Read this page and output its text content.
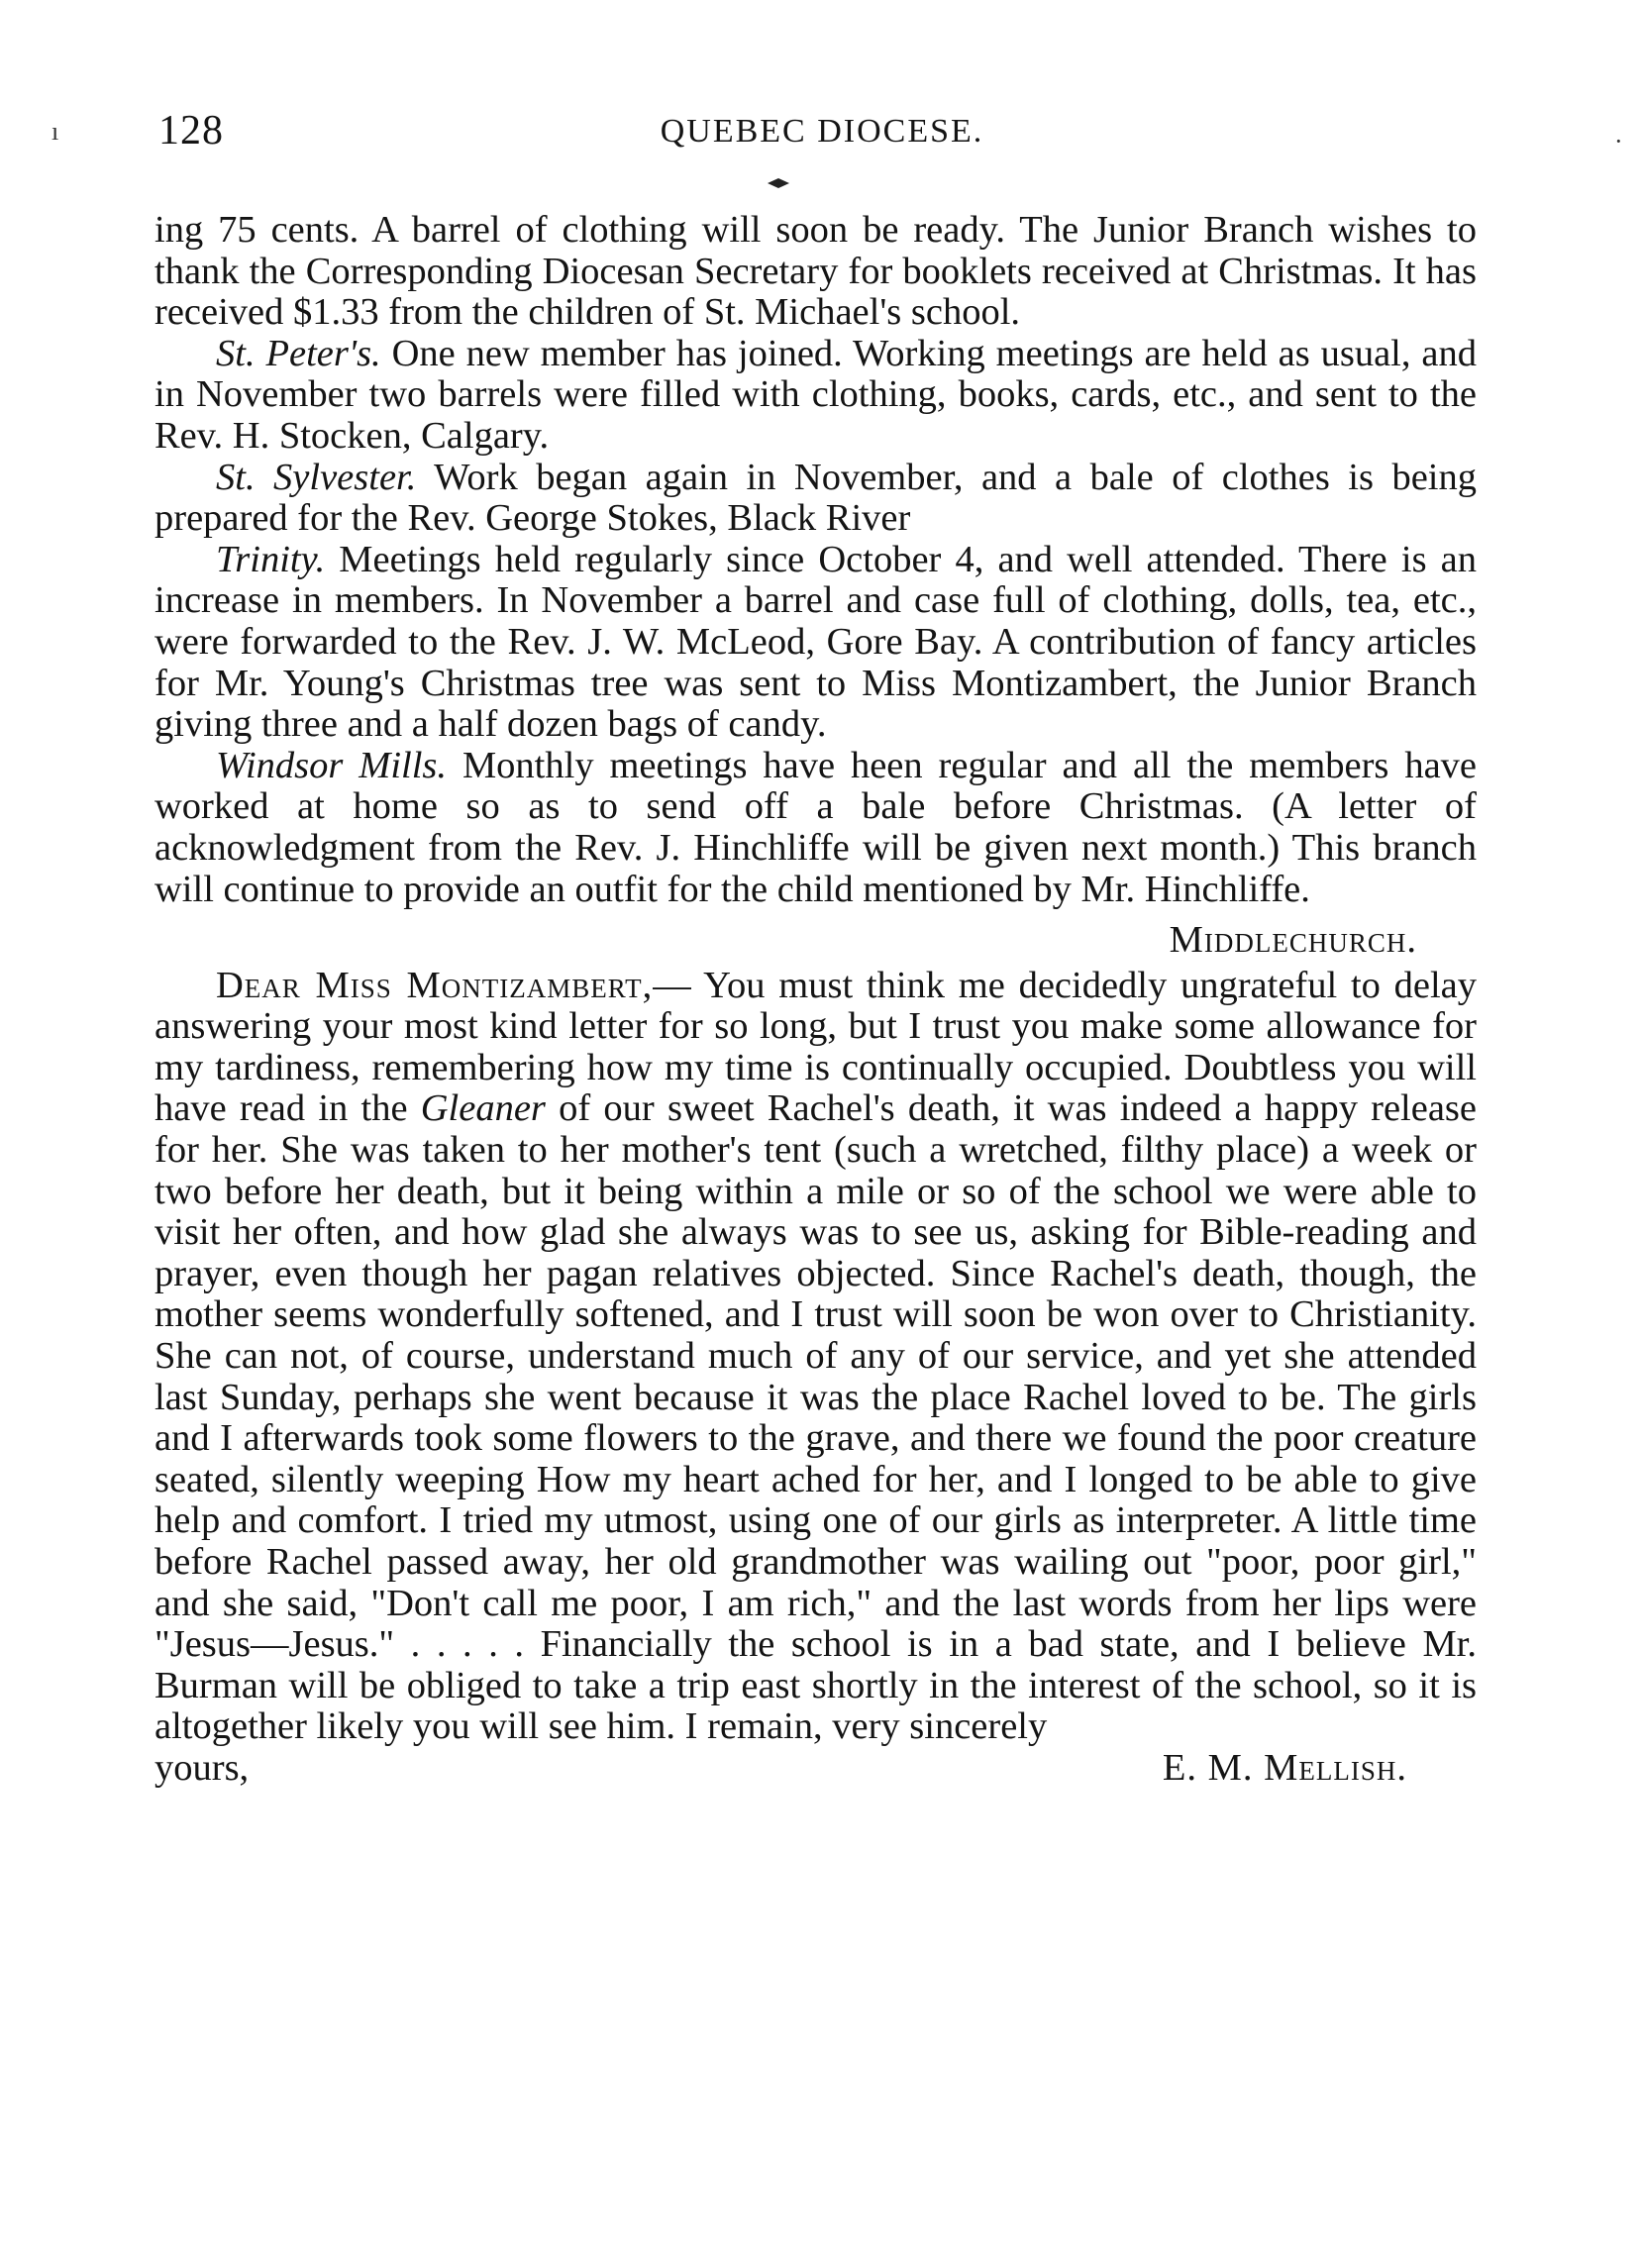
128	QUEBEC DIOCESE.
ı	·

ing 75 cents. A barrel of clothing will soon be ready. The Junior Branch wishes to thank the Corresponding Diocesan Secretary for booklets received at Christmas. It has received $1.33 from the children of St. Michael's school.

St. Peter's. One new member has joined. Working meetings are held as usual, and in November two barrels were filled with clothing, books, cards, etc., and sent to the Rev. H. Stocken, Calgary.

St. Sylvester. Work began again in November, and a bale of clothes is being prepared for the Rev. George Stokes, Black River

Trinity. Meetings held regularly since October 4, and well attended. There is an increase in members. In November a barrel and case full of clothing, dolls, tea, etc., were forwarded to the Rev. J. W. McLeod, Gore Bay. A contribution of fancy articles for Mr. Young's Christmas tree was sent to Miss Montizambert, the Junior Branch giving three and a half dozen bags of candy.

Windsor Mills. Monthly meetings have heen regular and all the members have worked at home so as to send off a bale before Christmas. (A letter of acknowledgment from the Rev. J. Hinchliffe will be given next month.) This branch will continue to provide an outfit for the child mentioned by Mr. Hinchliffe.

Middlechurch.

Dear Miss Montizambert,— You must think me decidedly ungrateful to delay answering your most kind letter for so long, but I trust you make some allowance for my tardiness, remembering how my time is continually occupied. Doubtless you will have read in the Gleaner of our sweet Rachel's death, it was indeed a happy release for her. She was taken to her mother's tent (such a wretched, filthy place) a week or two before her death, but it being within a mile or so of the school we were able to visit her often, and how glad she always was to see us, asking for Bible-reading and prayer, even though her pagan relatives objected. Since Rachel's death, though, the mother seems wonderfully softened, and I trust will soon be won over to Christianity. She can not, of course, understand much of any of our service, and yet she attended last Sunday, perhaps she went because it was the place Rachel loved to be. The girls and I afterwards took some flowers to the grave, and there we found the poor creature seated, silently weeping How my heart ached for her, and I longed to be able to give help and comfort. I tried my utmost, using one of our girls as interpreter. A little time before Rachel passed away, her old grandmother was wailing out "poor, poor girl," and she said, "Don't call me poor, I am rich," and the last words from her lips were "Jesus—Jesus." . . . . . Financially the school is in a bad state, and I believe Mr. Burman will be obliged to take a trip east shortly in the interest of the school, so it is altogether likely you will see him. I remain, very sincerely

yours,	E. M. Mellish.
